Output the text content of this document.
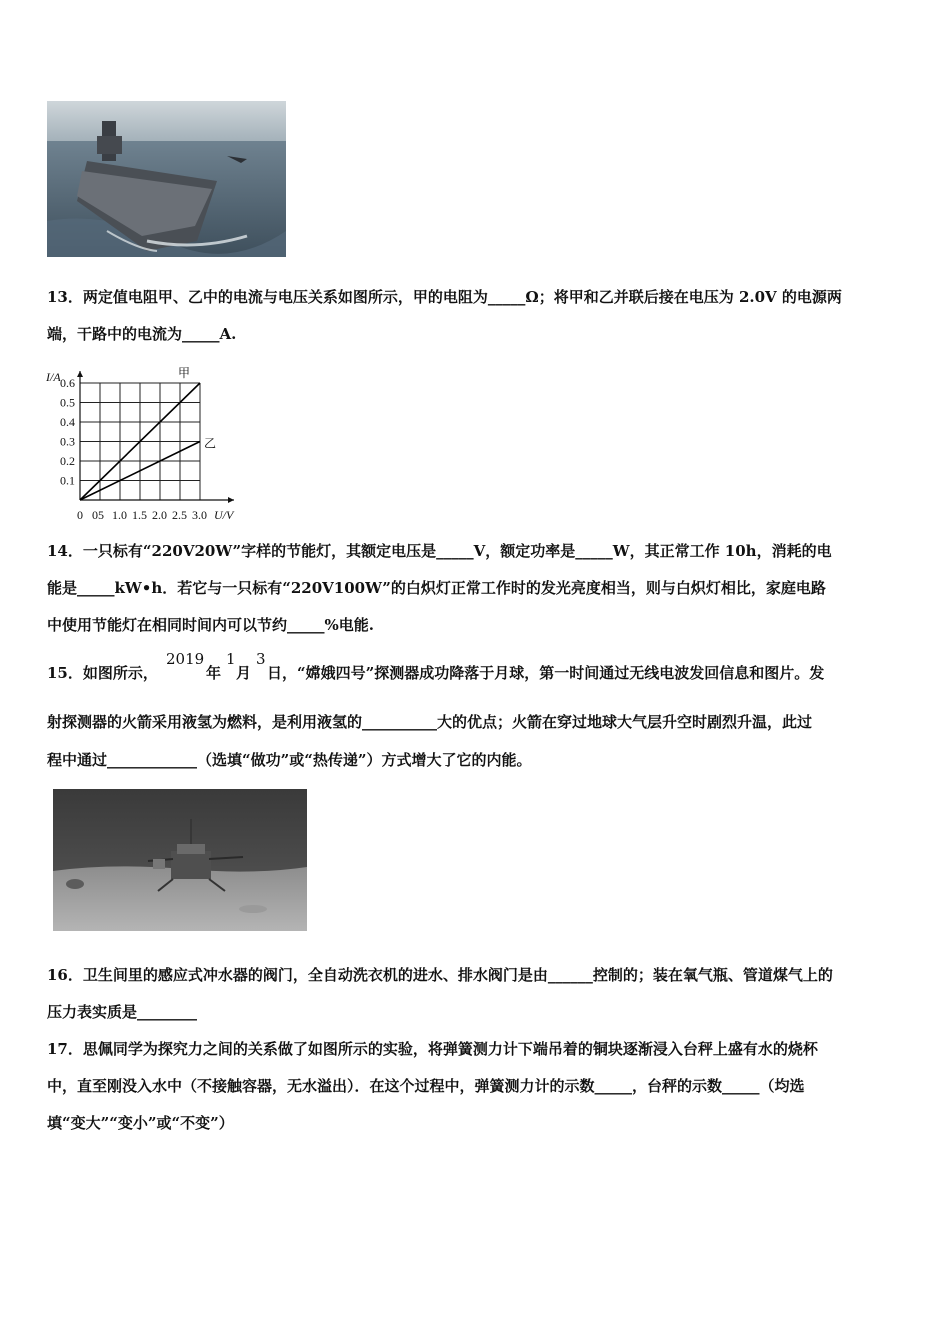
13．两定值电阻甲、乙中的电流与电压关系如图所示，甲的电阻为_____Ω；将甲和乙并联后接在电压为 2.0V 的电源两
端，干路中的电流为_____A.
0.1
0.2
0.3
0.4
0.5
0.6
0 05 1.0 1.5 2.0 2.5 3.0
I/A
U/V
甲
乙
14．一只标有“220V20W”字样的节能灯，其额定电压是_____V，额定功率是_____W，其正常工作 10h，消耗的电
能是_____kW•h．若它与一只标有“220V100W”的白炽灯正常工作时的发光亮度相当，则与白炽灯相比，家庭电路
中使用节能灯在相同时间内可以节约_____%电能.
15．如图所示，
2019
年
1
月
3
日，“嫦娥四号”探测器成功降落于月球，第一时间通过无线电波发回信息和图片。发
射探测器的火箭采用液氢为燃料，是利用液氢的__________大的优点；火箭在穿过地球大气层升空时剧烈升温，此过
程中通过____________（选填“做功”或“热传递”）方式增大了它的内能。
16．卫生间里的感应式冲水器的阀门，全自动洗衣机的进水、排水阀门是由______控制的；装在氧气瓶、管道煤气上的
压力表实质是________
17．思佩同学为探究力之间的关系做了如图所示的实验，将弹簧测力计下端吊着的铜块逐渐浸入台秤上盛有水的烧杯
中，直至刚没入水中（不接触容器，无水溢出）．在这个过程中，弹簧测力计的示数_____，台秤的示数_____（均选
填“变大”“变小”或“不变”）
